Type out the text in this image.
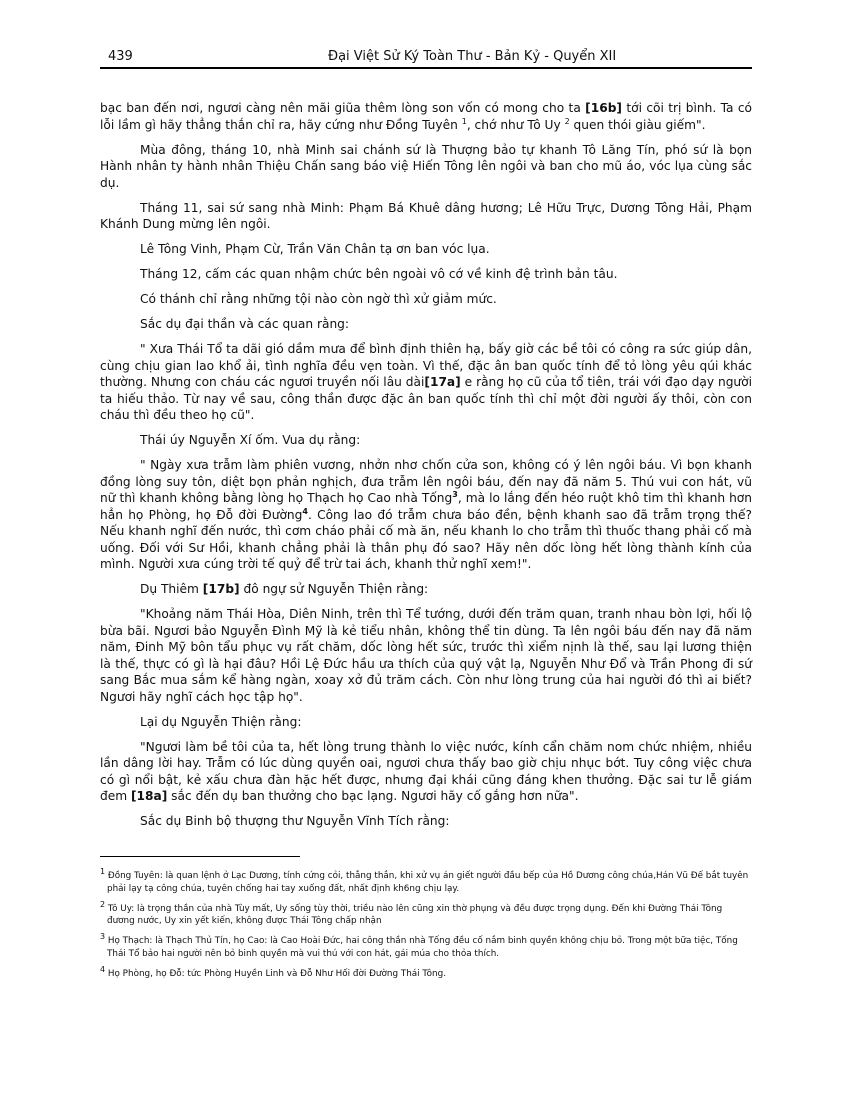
439	Đại Việt Sử Ký Toàn Thư - Bản Kỷ - Quyển XII

bạc ban đến nơi, ngươi càng nên mãi giũa thêm lòng son vốn có mong cho ta [16b] tới cõi trị bình. Ta có lỗi lầm gì hãy thẳng thắn chỉ ra, hãy cứng như Đồng Tuyên $^1$, chớ như Tô Uy $^2$ quen thói giàu giếm".

Mùa đông, tháng 10, nhà Minh sai chánh sứ là Thượng bảo tự khanh Tô Lăng Tín, phó sứ là bọn Hành nhân ty hành nhân Thiệu Chấn sang báo việ Hiến Tông lên ngôi và ban cho mũ áo, vóc lụa cùng sắc dụ.

Tháng 11, sai sứ sang nhà Minh: Phạm Bá Khuê dâng hương; Lê Hữu Trực, Dương Tông Hải, Phạm Khánh Dung mừng lên ngôi.

Lê Tông Vinh, Phạm Cừ, Trần Văn Chân tạ ơn ban vóc lụa.

Tháng 12, cấm các quan nhậm chức bên ngoài vô cớ về kinh đệ trình bản tâu.

Có thánh chỉ rằng những tội nào còn ngờ thì xử giảm mức.

Sắc dụ đại thần và các quan rằng:

" Xưa Thái Tổ ta dãi gió dầm mưa để bình định thiên hạ, bấy giờ các bề tôi có công ra sức giúp dân, cùng chịu gian lao khổ ải, tình nghĩa đều vẹn toàn. Vì thế, đặc ân ban quốc tính để tỏ lòng yêu qúi khác thường. Nhưng con cháu các ngươi truyền nối lâu dài[17a] e rằng họ cũ của tổ tiên, trái với đạo dạy người ta hiếu thảo. Từ nay về sau, công thần được đặc ân ban quốc tính thì chỉ một đời người ấy thôi, còn con cháu thì đều theo họ cũ".

Thái úy Nguyễn Xí ốm. Vua dụ rằng:

" Ngày xưa trẫm làm phiên vương, nhởn nhơ chốn cửa son, không có ý lên ngôi báu. Vì bọn khanh đồng lòng suy tôn, diệt bọn phản nghịch, đưa trẫm lên ngôi báu, đến nay đã năm 5. Thú vui con hát, vũ nữ thì khanh không bằng lòng họ Thạch họ Cao nhà Tống$^3$, mà lo lắng đến héo ruột khô tim thì khanh hơn hẳn họ Phòng, họ Đỗ đời Đường$^4$. Công lao đó trẫm chưa báo đền, bệnh khanh sao đã trẫm trọng thế? Nếu khanh nghĩ đến nước, thì cơm cháo phải cố mà ăn, nếu khanh lo cho trẫm thì thuốc thang phải cố mà uống. Đối với Sư Hồi, khanh chẳng phải là thân phụ đó sao? Hãy nên dốc lòng hết lòng thành kính của mình. Người xưa cúng trời tế quỷ để trừ tai ách, khanh thử nghĩ xem!".

Dụ Thiêm [17b] đô ngự sử Nguyễn Thiện rằng:

"Khoảng năm Thái Hòa, Diên Ninh, trên thì Tể tướng, dưới đến trăm quan, tranh nhau bòn lợi, hối lộ bừa bãi. Ngươi bảo Nguyễn Đình Mỹ là kẻ tiểu nhân, không thể tin dùng. Ta lên ngôi báu đến nay đã năm năm, Đinh Mỹ bôn tẩu phục vụ rất chăm, dốc lòng hết sức, trước thì xiểm nịnh là thế, sau lại lương thiện là thế, thực có gì là hại đâu? Hồi Lệ Đức hầu ưa thích của quý vật lạ, Nguyễn Như Đổ và Trần Phong đi sứ sang Bắc mua sắm kể hàng ngàn, xoay xở đủ trăm cách. Còn như lòng trung của hai người đó thì ai biết? Ngươi hãy nghĩ cách học tập họ".

Lại dụ Nguyễn Thiện rằng:

"Ngươi làm bề tôi của ta, hết lòng trung thành lo việc nước, kính cẩn chăm nom chức nhiệm, nhiều lần dâng lời hay. Trẫm có lúc dùng quyền oai, ngươi chưa thấy bao giờ chịu nhục bớt. Tuy công việc chưa có gì nổi bật, kẻ xấu chưa đàn hặc hết được, nhưng đại khái cũng đáng khen thưởng. Đặc sai tư lễ giám đem [18a] sắc đến dụ ban thưởng cho bạc lạng. Ngươi hãy cố gắng hơn nữa".

Sắc dụ Binh bộ thượng thư Nguyễn Vĩnh Tích rằng:

$^1$ Đồng Tuyên: là quan lệnh ở Lạc Dương, tính cứng cỏi, thẳng thắn, khi xử vụ án giết người đầu bếp của Hồ Dương công chúa,Hán Vũ Đế bắt tuyên phải lạy tạ công chúa, tuyên chống hai tay xuống đất, nhất định kh6ng chịu lạy.
$^2$ Tô Uy: là trọng thần của nhà Tùy mất, Uy sống tùy thời, triều nào lên cũng xin thờ phụng và đều được trọng dụng. Đến khi Đường Thái Tông đương nước, Uy xin yết kiến, không được Thái Tông chấp nhận
$^3$ Họ Thạch: là Thạch Thủ Tín, họ Cao: là Cao Hoài Đức, hai công thần nhà Tống đều cố nắm binh quyền không chịu bỏ. Trong một bữa tiệc, Tống Thái Tổ bảo hai người nên bỏ binh quyền mà vui thú với con hát, gái múa cho thỏa thích.
$^4$ Họ Phòng, họ Đỗ: tức Phòng Huyền Linh và Đỗ Như Hối đời Đường Thái Tông.
